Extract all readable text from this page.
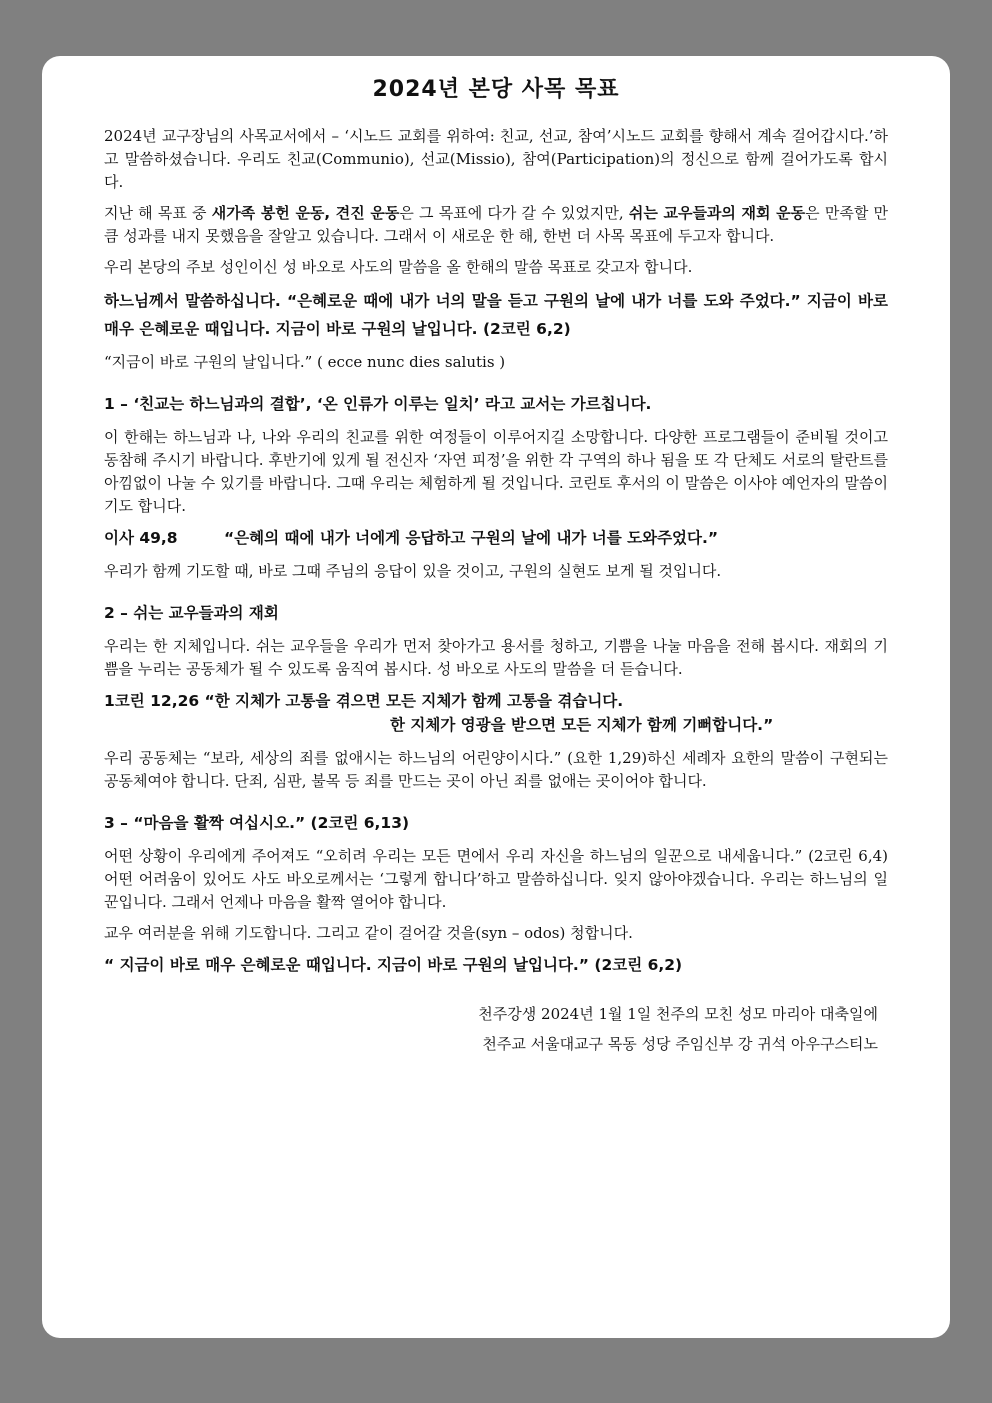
2024년 본당 사목 목표

2024년 교구장님의 사목교서에서 – ‘시노드 교회를 위하여: 친교, 선교, 참여’시노드 교회를 향해서 계속 걸어갑시다.’하고 말씀하셨습니다. 우리도 친교(Communio), 선교(Missio), 참여(Participation)의 정신으로 함께 걸어가도록 합시다.

지난 해 목표 중 새가족 봉헌 운동, 견진 운동은 그 목표에 다가 갈 수 있었지만, 쉬는 교우들과의 재회 운동은 만족할 만큼 성과를 내지 못했음을 잘알고 있습니다. 그래서 이 새로운 한 해, 한번 더 사목 목표에 두고자 합니다.

우리 본당의 주보 성인이신 성 바오로 사도의 말씀을 올 한해의 말씀 목표로 갖고자 합니다.

하느님께서 말씀하십니다. “은혜로운 때에 내가 너의 말을 듣고 구원의 날에 내가 너를 도와 주었다.” 지금이 바로 매우 은혜로운 때입니다. 지금이 바로 구원의 날입니다. (2코린 6,2)

“지금이 바로 구원의 날입니다.” ( ecce nunc dies salutis )

1 – ‘친교는 하느님과의 결합’, ‘온 인류가 이루는 일치’ 라고 교서는 가르칩니다.

이 한해는 하느님과 나, 나와 우리의 친교를 위한 여정들이 이루어지길 소망합니다. 다양한 프로그램들이 준비될 것이고 동참해 주시기 바랍니다. 후반기에 있게 될 전신자 ‘자연 피정’을 위한 각 구역의 하나 됨을 또 각 단체도 서로의 탈란트를 아낌없이 나눌 수 있기를 바랍니다. 그때 우리는 체험하게 될 것입니다. 코린토 후서의 이 말씀은 이사야 예언자의 말씀이기도 합니다.

이사 49,8	“은혜의 때에 내가 너에게 응답하고 구원의 날에 내가 너를 도와주었다.”

우리가 함께 기도할 때, 바로 그때 주님의 응답이 있을 것이고, 구원의 실현도 보게 될 것입니다.

2 – 쉬는 교우들과의 재회

우리는 한 지체입니다. 쉬는 교우들을 우리가 먼저 찾아가고 용서를 청하고, 기쁨을 나눌 마음을 전해 봅시다. 재회의 기쁨을 누리는 공동체가 될 수 있도록 움직여 봅시다. 성 바오로 사도의 말씀을 더 듣습니다.

1코린 12,26 “한 지체가 고통을 겪으면 모든 지체가 함께 고통을 겪습니다.
한 지체가 영광을 받으면 모든 지체가 함께 기뻐합니다.”

우리 공동체는 “보라, 세상의 죄를 없애시는 하느님의 어린양이시다.” (요한 1,29)하신 세례자 요한의 말씀이 구현되는 공동체여야 합니다. 단죄, 심판, 불목 등 죄를 만드는 곳이 아닌 죄를 없애는 곳이어야 합니다.

3 – “마음을 활짝 여십시오.” (2코린 6,13)

어떤 상황이 우리에게 주어져도 “오히려 우리는 모든 면에서 우리 자신을 하느님의 일꾼으로 내세웁니다.” (2코린 6,4) 어떤 어려움이 있어도 사도 바오로께서는 ‘그렇게 합니다’하고 말씀하십니다. 잊지 않아야겠습니다. 우리는 하느님의 일꾼입니다. 그래서 언제나 마음을 활짝 열어야 합니다.

교우 여러분을 위해 기도합니다. 그리고 같이 걸어갈 것을(syn – odos) 청합니다.

“ 지금이 바로 매우 은혜로운 때입니다. 지금이 바로 구원의 날입니다.” (2코린 6,2)
천주강생 2024년 1월 1일 천주의 모친 성모 마리아 대축일에
천주교 서울대교구 목동 성당 주임신부 강 귀석 아우구스티노
